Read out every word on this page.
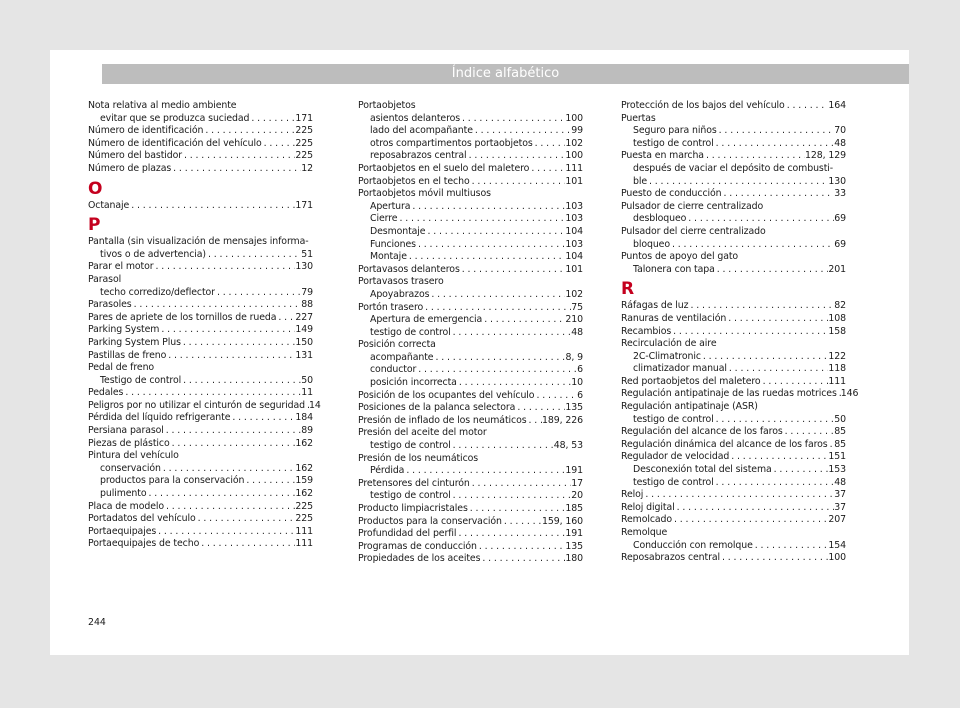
Índice alfabético
Nota relativa al medio ambiente
evitar que se produzca suciedad . . .	171
Número de identificación . . .	225
Número de identificación del vehículo . . .	225
Número del bastidor . . .	225
Número de plazas . . .	12
O
Octanaje . . .	171
P
Pantalla (sin visualización de mensajes informa-
tivos o de advertencia) . . .	51
Parar el motor . . .	130
Parasol
techo corredizo/deflector . . .	79
Parasoles . . .	88
Pares de apriete de los tornillos de rueda . . . 227
Parking System . . .	149
Parking System Plus . . .	150
Pastillas de freno . . .	131
Pedal de freno
Testigo de control . . .	50
Pedales . . .	11
Peligros por no utilizar el cinturón de seguridad . . . 14
Pérdida del líquido refrigerante . . .	184
Persiana parasol . . .	89
Piezas de plástico . . .	162
Pintura del vehículo
conservación . . .	162
productos para la conservación . . .	159
pulimento . . .	162
Placa de modelo . . .	225
Portadatos del vehículo . . .	225
Portaequipajes . . .	111
Portaequipajes de techo . . .	111
Portaobjetos
asientos delanteros . . .	100
lado del acompañante . . .	99
otros compartimentos portaobjetos . . .	102
reposabrazos central . . .	100
Portaobjetos en el suelo del maletero . . .	111
Portaobjetos en el techo . . .	101
Portaobjetos móvil multiusos
Apertura . . .	103
Cierre . . .	103
Desmontaje . . .	104
Funciones . . .	103
Montaje . . .	104
Portavasos delanteros . . .	101
Portavasos trasero
Apoyabrazos . . .	102
Portón trasero . . .	75
Apertura de emergencia . . .	210
testigo de control . . .	48
Posición correcta
acompañante . . .	8, 9
conductor . . .	6
posición incorrecta . . .	10
Posición de los ocupantes del vehículo . . .	6
Posiciones de la palanca selectora . . .	135
Presión de inflado de los neumáticos . . . 189, 226
Presión del aceite del motor
testigo de control . . .	48, 53
Presión de los neumáticos
Pérdida . . .	191
Pretensores del cinturón . . .	17
testigo de control . . .	20
Producto limpiacristales . . .	185
Productos para la conservación . . .	159, 160
Profundidad del perfil . . .	191
Programas de conducción . . .	135
Propiedades de los aceites . . .	180
Protección de los bajos del vehículo . . .	164
Puertas
Seguro para niños . . .	70
testigo de control . . .	48
Puesta en marcha . . .	128, 129
después de vaciar el depósito de combusti-
ble . . .	130
Puesto de conducción . . .	33
Pulsador de cierre centralizado
desbloqueo . . .	69
Pulsador del cierre centralizado
bloqueo . . .	69
Puntos de apoyo del gato
Talonera con tapa . . .	201
R
Ráfagas de luz . . .	82
Ranuras de ventilación . . .	108
Recambios . . .	158
Recirculación de aire
2C-Climatronic . . .	122
climatizador manual . . .	118
Red portaobjetos del maletero . . .	111
Regulación antipatinaje de las ruedas motrices . . . 146
Regulación antipatinaje (ASR)
testigo de control . . .	50
Regulación del alcance de los faros . . .	85
Regulación dinámica del alcance de los faros . . . 85
Regulador de velocidad . . .	151
Desconexión total del sistema . . .	153
testigo de control . . .	48
Reloj . . .	37
Reloj digital . . .	37
Remolcado . . .	207
Remolque
Conducción con remolque . . .	154
Reposabrazos central . . .	100
244
